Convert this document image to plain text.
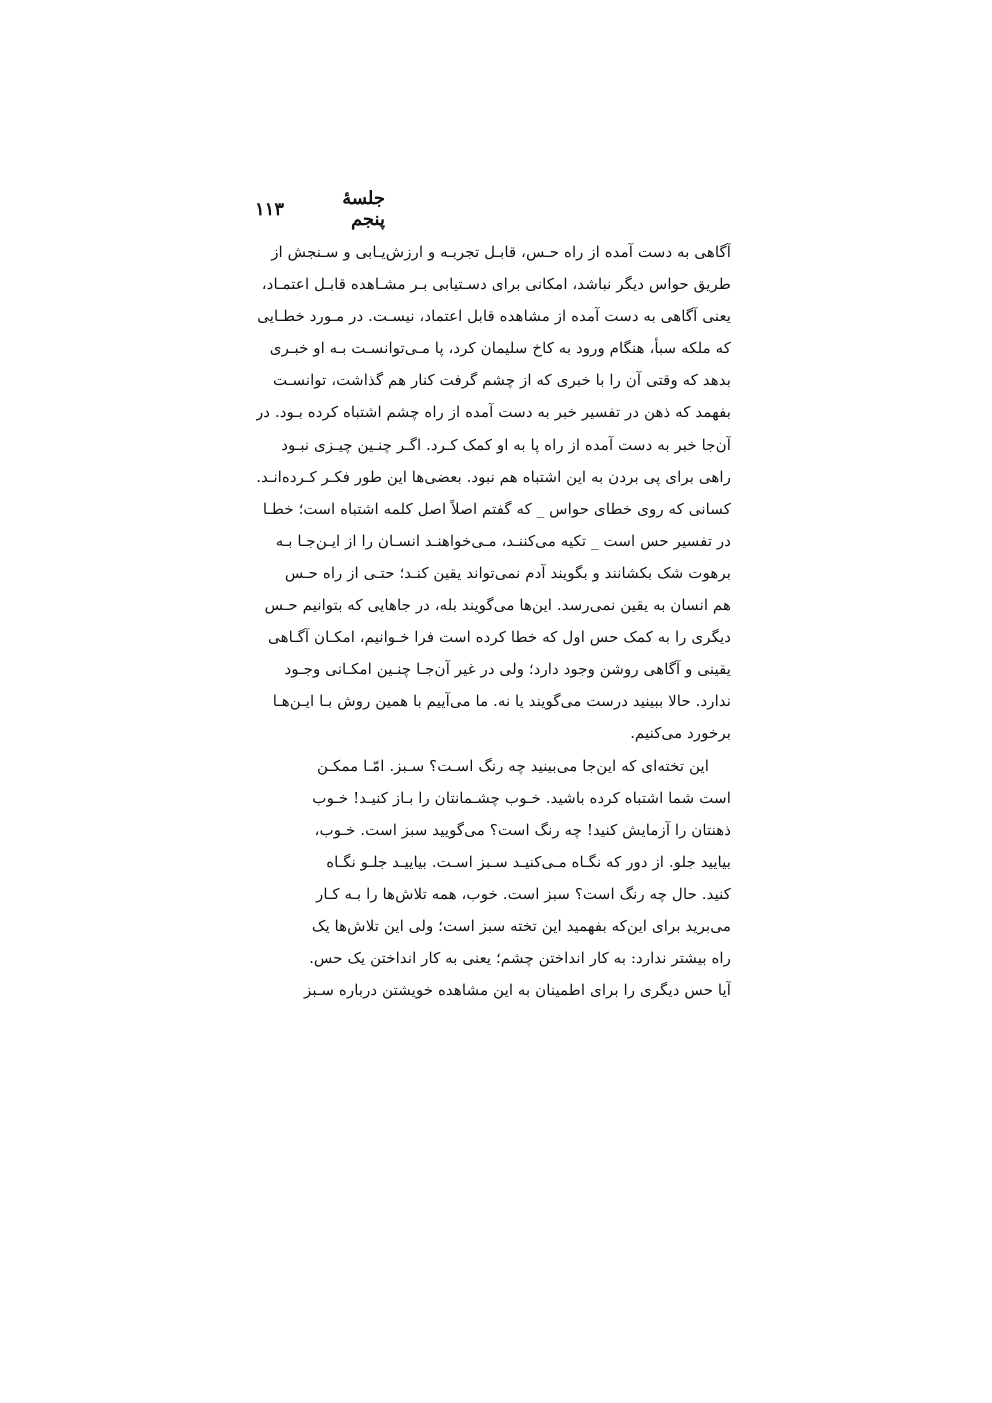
جلسهٔ پنجم
۱۱۳
آگاهی به دست آمده از راه حـس، قابـل تجربـه و ارزش‌یـابی و سـنجش از
طریق حواس دیگر نباشد، امکانی برای دسـتیابی بـر مشـاهده قابـل اعتمـاد،
یعنی آگاهی به دست آمده از مشاهده قابل اعتماد، نیسـت. در مـورد خطـایی
که ملکه سبأ، هنگام ورود به کاخ سلیمان کرد، پا مـی‌توانسـت بـه او خبـری
بدهد که وقتی آن را با خبری که از چشم گرفت کنار هم گذاشت، توانسـت
بفهمد که ذهن در تفسیر خبر به دست آمده از راه چشم اشتباه کرده بـود. در
آن‌جا خبر به دست آمده از راه پا به او کمک کـرد. اگـر چنـین چیـزی نبـود
راهی برای پی بردن به این اشتباه هم نبود. بعضی‌ها این طور فکـر کـرده‌انـد.
کسانی که روی خطای حواس _ که گفتم اصلاً اصل کلمه اشتباه است؛ خطـا
در تفسیر حس است _ تکیه می‌کننـد، مـی‌خواهنـد انسـان را از ایـن‌جـا بـه
برهوت شک بکشانند و بگویند آدم نمی‌تواند یقین کنـد؛ حتـی از راه حـس
هم انسان به یقین نمی‌رسد. این‌ها می‌گویند بله، در جاهایی که بتوانیم حـس
دیگری را به کمک حس اول که خطا کرده است فرا خـوانیم، امکـان آگـاهی
یقینی و آگاهی روشن وجود دارد؛ ولی در غیر آن‌جـا چنـین امکـانی وجـود
ندارد. حالا ببینید درست می‌گویند یا نه. ما می‌آییم با همین روش بـا ایـن‌هـا
برخورد می‌کنیم.
این تخته‌ای که این‌جا می‌بینید چه رنگ اسـت؟ سـبز. امّـا ممکـن
است شما اشتباه کرده باشید. خـوب چشـمانتان را بـاز کنیـد! خـوب
ذهنتان را آزمایش کنید! چه رنگ است؟ می‌گویید سبز است. خـوب،
بیایید جلو. از دور که نگـاه مـی‌کنیـد سـبز اسـت. بیاییـد جلـو نگـاه
کنید. حال چه رنگ است؟ سبز است. خوب، همه تلاش‌ها را بـه کـار
می‌برید برای این‌که بفهمید این تخته سبز است؛ ولی این تلاش‌ها یک
راه بیشتر ندارد: به کار انداختن چشم؛ یعنی به کار انداختن یک حس.
آیا حس دیگری را برای اطمینان به این مشاهده خویشتن درباره سـبز
